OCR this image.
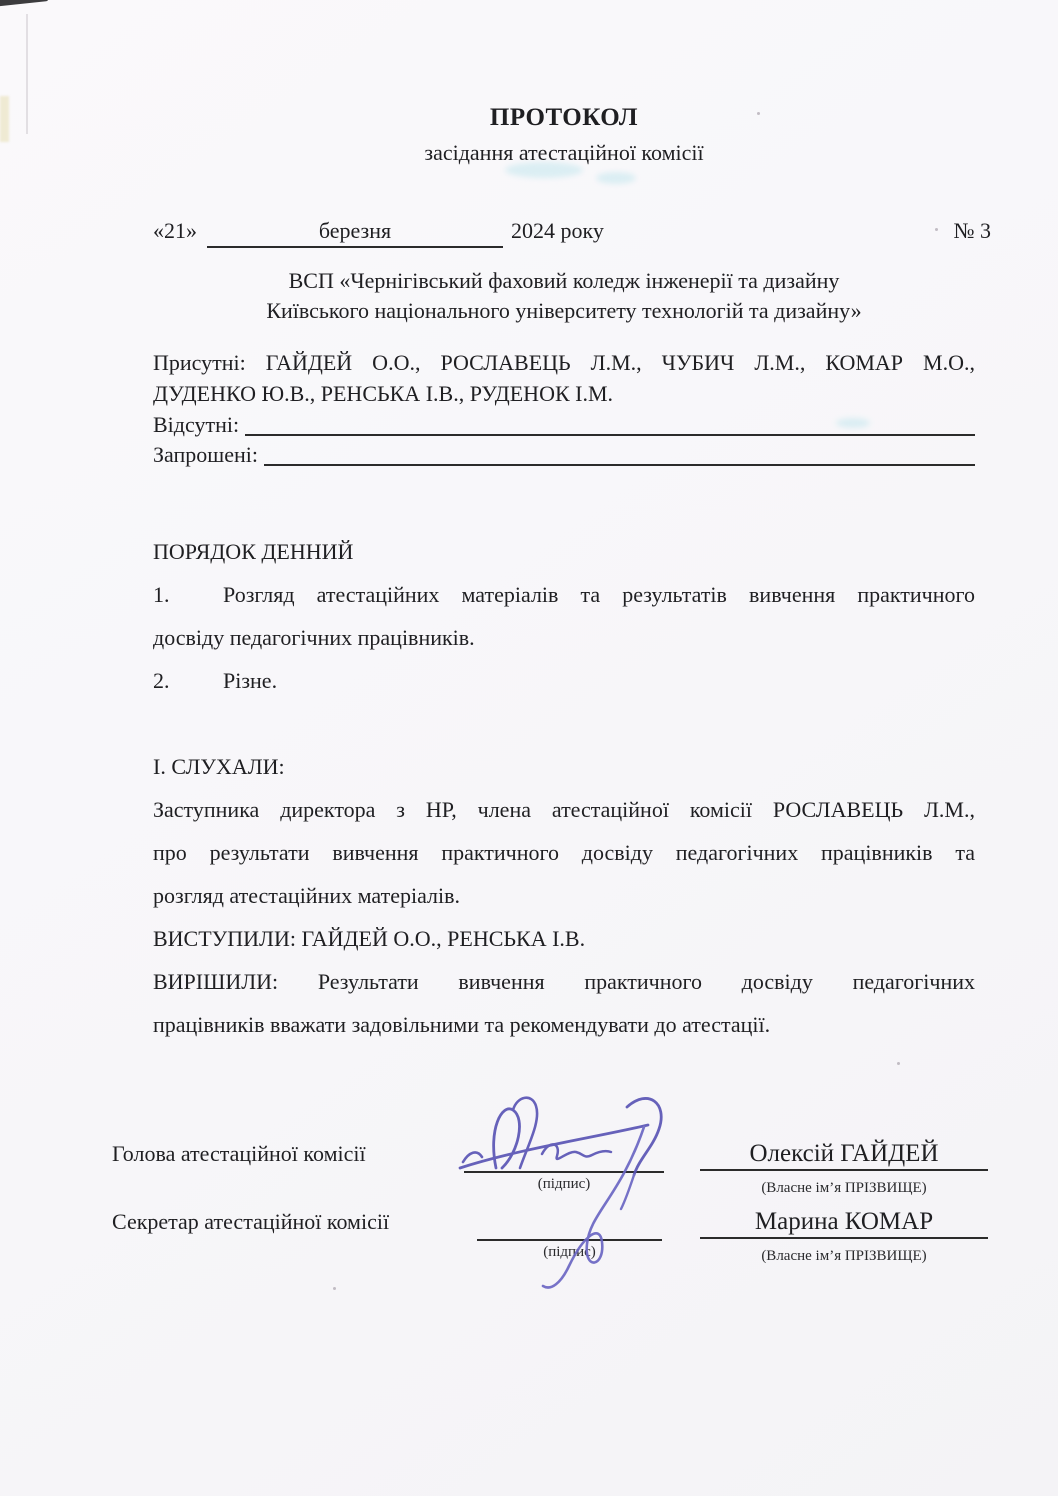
ПРОТОКОЛ
засідання атестаційної комісії
«21»	березня	2024 року	№ 3
ВСП «Чернігівський фаховий коледж інженерії та дизайну
Київського національного університету технологій та дизайну»
Присутні: ГАЙДЕЙ О.О., РОСЛАВЕЦЬ Л.М., ЧУБИЧ Л.М., КОМАР М.О.,
ДУДЕНКО Ю.В., РЕНСЬКА І.В., РУДЕНОК І.М.
Відсутні:
Запрошені:
ПОРЯДОК ДЕННИЙ
1.	Розгляд атестаційних матеріалів та результатів вивчення практичного
досвіду педагогічних працівників.
2.	Різне.
І. СЛУХАЛИ:
Заступника директора з НР, члена атестаційної комісії РОСЛАВЕЦЬ Л.М.,
про результати вивчення практичного досвіду педагогічних працівників та
розгляд атестаційних матеріалів.
ВИСТУПИЛИ: ГАЙДЕЙ О.О., РЕНСЬКА І.В.
ВИРІШИЛИ: Результати вивчення практичного досвіду педагогічних
працівників вважати задовільними та рекомендувати до атестації.
Голова атестаційної комісії
(підпис)
Олексій ГАЙДЕЙ
(Власне ім’я ПРІЗВИЩЕ)
Секретар атестаційної комісії
(підпис)
Марина КОМАР
(Власне ім’я ПРІЗВИЩЕ)
